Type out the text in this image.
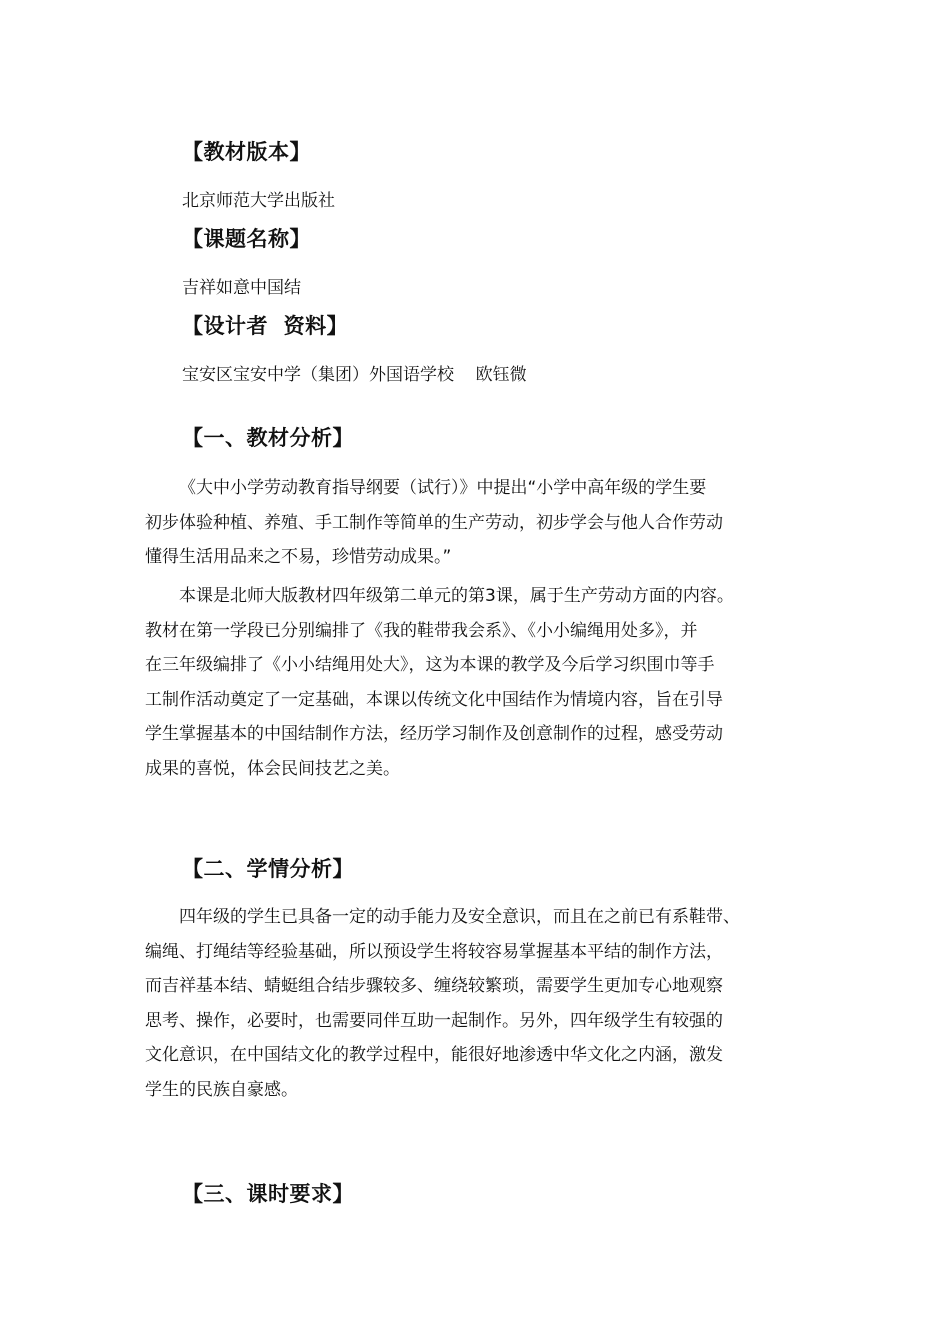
【教材版本】
北京师范大学出版社
【课题名称】
吉祥如意中国结
【设计者  资料】
宝安区宝安中学（集团）外国语学校    欧钰微
【一、教材分析】
《大中小学劳动教育指导纲要（试行）》中提出“小学中高年级的学生要
初步体验种植、养殖、手工制作等简单的生产劳动，初步学会与他人合作劳动
懂得生活用品来之不易，珍惜劳动成果。”
本课是北师大版教材四年级第二单元的第3课，属于生产劳动方面的内容。
教材在第一学段已分别编排了《我的鞋带我会系》、《小小编绳用处多》，并
在三年级编排了《小小结绳用处大》，这为本课的教学及今后学习织围巾等手
工制作活动奠定了一定基础，本课以传统文化中国结作为情境内容，旨在引导
学生掌握基本的中国结制作方法，经历学习制作及创意制作的过程，感受劳动
成果的喜悦，体会民间技艺之美。
【二、学情分析】
四年级的学生已具备一定的动手能力及安全意识，而且在之前已有系鞋带、
编绳、打绳结等经验基础，所以预设学生将较容易掌握基本平结的制作方法，
而吉祥基本结、蜻蜓组合结步骤较多、缠绕较繁琐，需要学生更加专心地观察
思考、操作，必要时，也需要同伴互助一起制作。另外，四年级学生有较强的
文化意识，在中国结文化的教学过程中，能很好地渗透中华文化之内涵，激发
学生的民族自豪感。
【三、课时要求】
